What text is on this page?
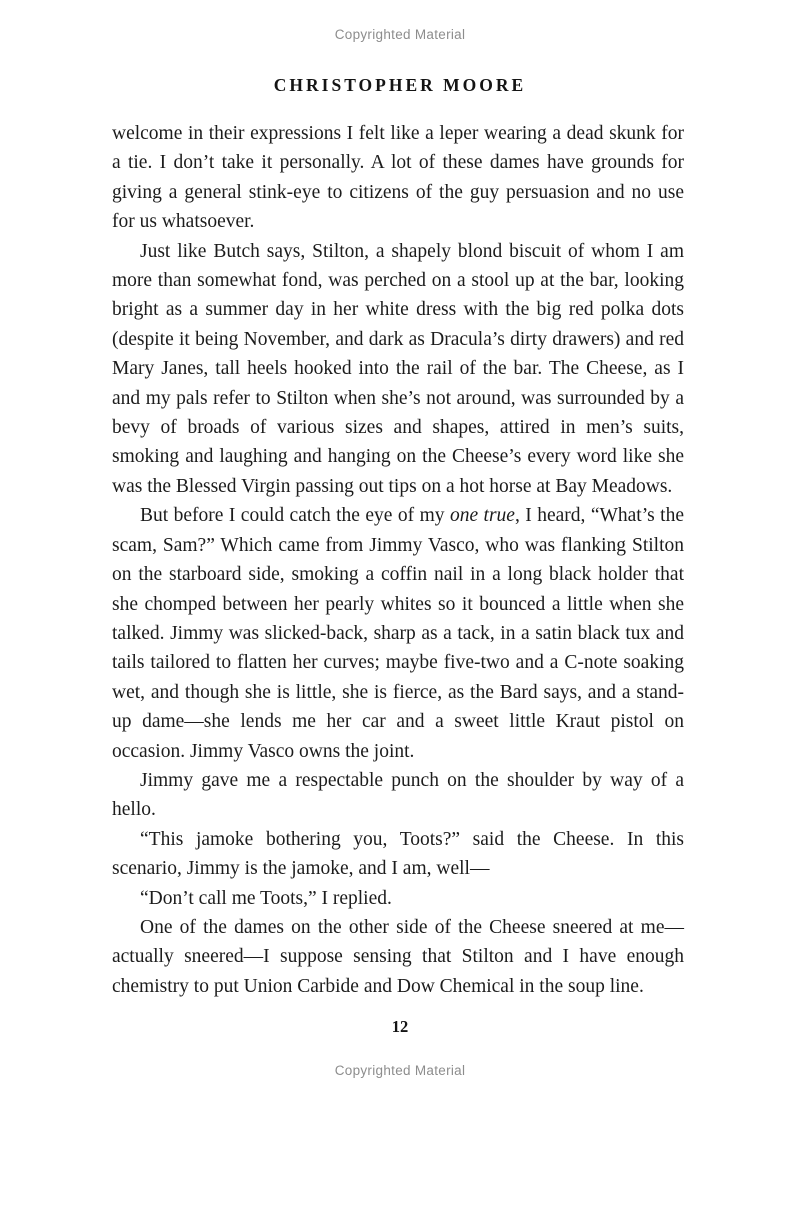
Copyrighted Material
CHRISTOPHER MOORE

welcome in their expressions I felt like a leper wearing a dead skunk for a tie. I don’t take it personally. A lot of these dames have grounds for giving a general stink-eye to citizens of the guy persuasion and no use for us whatsoever.

Just like Butch says, Stilton, a shapely blond biscuit of whom I am more than somewhat fond, was perched on a stool up at the bar, looking bright as a summer day in her white dress with the big red polka dots (despite it being November, and dark as Dracula’s dirty drawers) and red Mary Janes, tall heels hooked into the rail of the bar. The Cheese, as I and my pals refer to Stilton when she’s not around, was surrounded by a bevy of broads of various sizes and shapes, attired in men’s suits, smoking and laughing and hanging on the Cheese’s every word like she was the Blessed Virgin passing out tips on a hot horse at Bay Meadows.

But before I could catch the eye of my one true, I heard, “What’s the scam, Sam?” Which came from Jimmy Vasco, who was flanking Stilton on the starboard side, smoking a coffin nail in a long black holder that she chomped between her pearly whites so it bounced a little when she talked. Jimmy was slicked-back, sharp as a tack, in a satin black tux and tails tailored to flatten her curves; maybe five-two and a C-note soaking wet, and though she is little, she is fierce, as the Bard says, and a stand-up dame—she lends me her car and a sweet little Kraut pistol on occasion. Jimmy Vasco owns the joint.

Jimmy gave me a respectable punch on the shoulder by way of a hello.

“This jamoke bothering you, Toots?” said the Cheese. In this scenario, Jimmy is the jamoke, and I am, well—

“Don’t call me Toots,” I replied.

One of the dames on the other side of the Cheese sneered at me—actually sneered—I suppose sensing that Stilton and I have enough chemistry to put Union Carbide and Dow Chemical in the soup line.

12
Copyrighted Material
